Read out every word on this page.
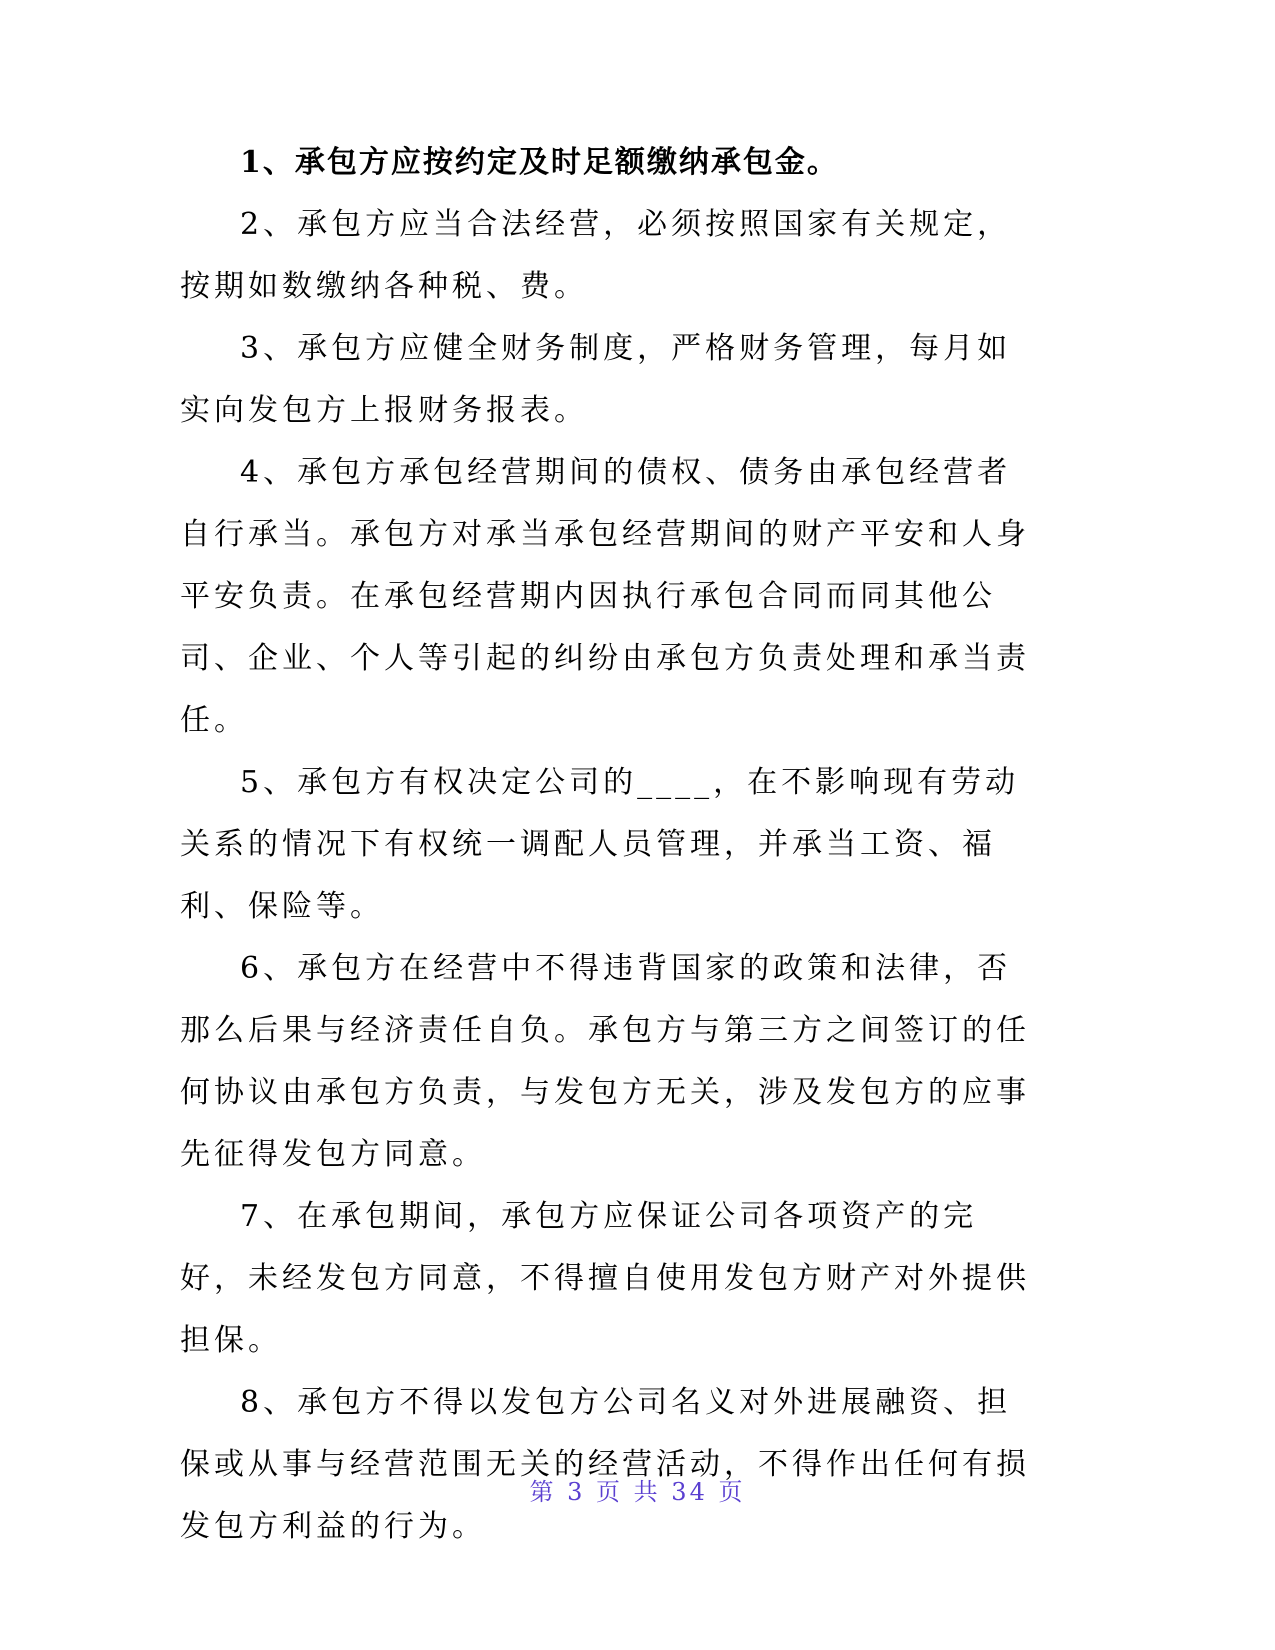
1、承包方应按约定及时足额缴纳承包金。

2、承包方应当合法经营，必须按照国家有关规定，按期如数缴纳各种税、费。

3、承包方应健全财务制度，严格财务管理，每月如实向发包方上报财务报表。

4、承包方承包经营期间的债权、债务由承包经营者自行承当。承包方对承当承包经营期间的财产平安和人身平安负责。在承包经营期内因执行承包合同而同其他公司、企业、个人等引起的纠纷由承包方负责处理和承当责任。

5、承包方有权决定公司的____，在不影响现有劳动关系的情况下有权统一调配人员管理，并承当工资、福利、保险等。

6、承包方在经营中不得违背国家的政策和法律，否那么后果与经济责任自负。承包方与第三方之间签订的任何协议由承包方负责，与发包方无关，涉及发包方的应事先征得发包方同意。

7、在承包期间，承包方应保证公司各项资产的完好，未经发包方同意，不得擅自使用发包方财产对外提供担保。

8、承包方不得以发包方公司名义对外进展融资、担保或从事与经营范围无关的经营活动，不得作出任何有损发包方利益的行为。

第 3 页 共 34 页
